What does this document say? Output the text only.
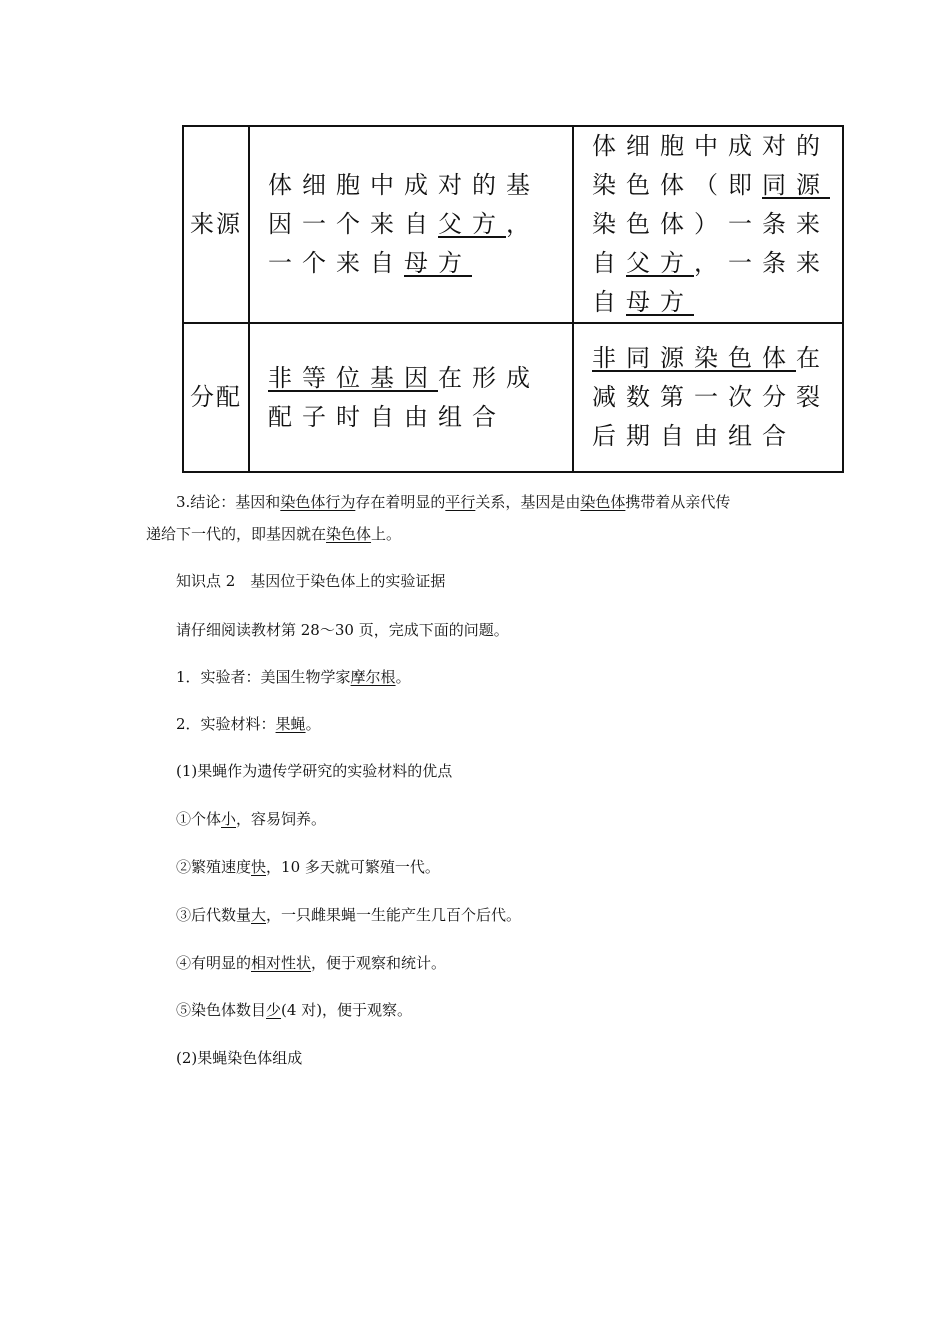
来源	体细胞中成对的基因一个来自父方，一个来自母方	体细胞中成对的染色体（即同源染色体）一条来自父方，一条来自母方
分配	非等位基因在形成配子时自由组合	非同源染色体在减数第一次分裂后期自由组合
3.结论：基因和染色体行为存在着明显的平行关系，基因是由染色体携带着从亲代传
递给下一代的，即基因就在染色体上。
知识点 2　基因位于染色体上的实验证据
请仔细阅读教材第 28～30 页，完成下面的问题。
1．实验者：美国生物学家摩尔根。
2．实验材料：果蝇。
(1)果蝇作为遗传学研究的实验材料的优点
①个体小，容易饲养。
②繁殖速度快，10 多天就可繁殖一代。
③后代数量大，一只雌果蝇一生能产生几百个后代。
④有明显的相对性状，便于观察和统计。
⑤染色体数目少(4 对)，便于观察。
(2)果蝇染色体组成
